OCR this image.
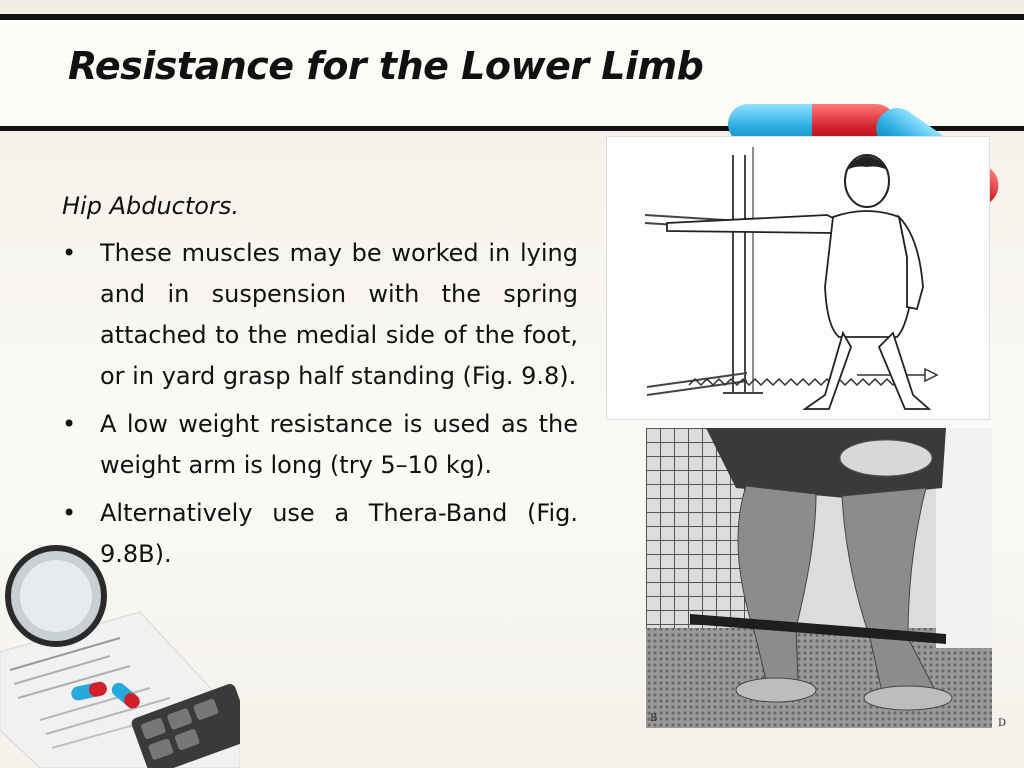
Resistance for the Lower Limb
Hip Abductors.
• These muscles may be worked in lying and in suspension with the spring attached to the medial side of the foot, or in yard grasp half standing (Fig. 9.8).
• A low weight resistance is used as the weight arm is long (try 5–10 kg).
• Alternatively use a Thera-Band (Fig. 9.8B).
B	D
